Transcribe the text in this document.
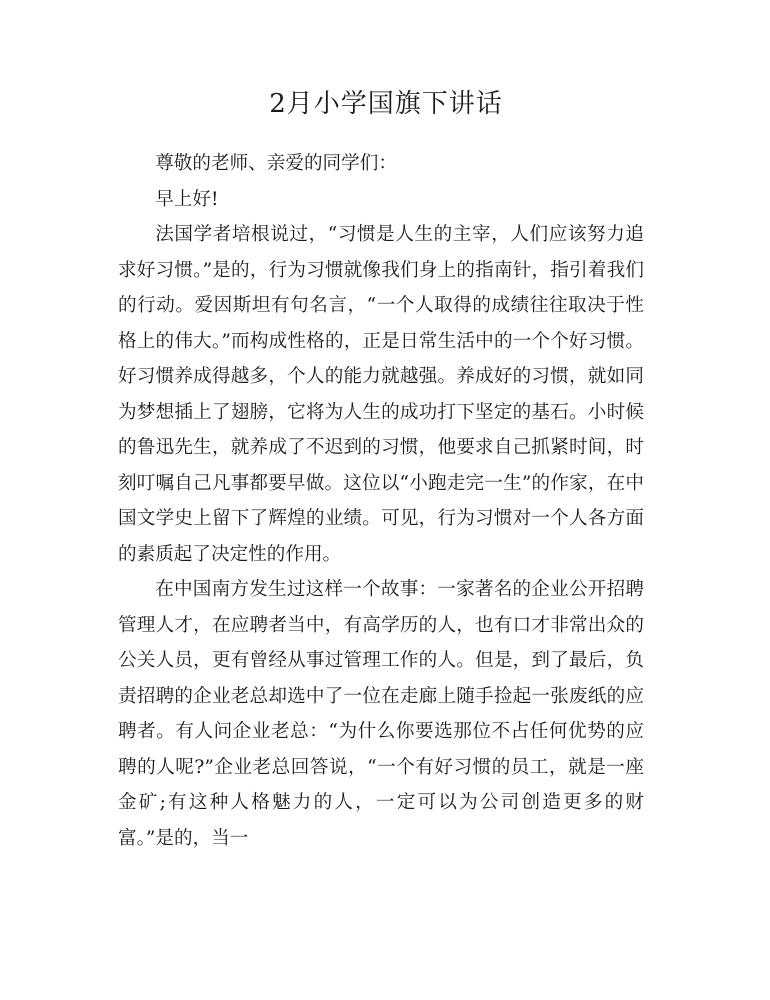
2月小学国旗下讲话

尊敬的老师、亲爱的同学们：

早上好!

法国学者培根说过，“习惯是人生的主宰，人们应该努力追求好习惯。”是的，行为习惯就像我们身上的指南针，指引着我们的行动。爱因斯坦有句名言，“一个人取得的成绩往往取决于性格上的伟大。”而构成性格的，正是日常生活中的一个个好习惯。好习惯养成得越多，个人的能力就越强。养成好的习惯，就如同为梦想插上了翅膀，它将为人生的成功打下坚定的基石。小时候的鲁迅先生，就养成了不迟到的习惯，他要求自己抓紧时间，时刻叮嘱自己凡事都要早做。这位以“小跑走完一生”的作家，在中国文学史上留下了辉煌的业绩。可见，行为习惯对一个人各方面的素质起了决定性的作用。

在中国南方发生过这样一个故事：一家著名的企业公开招聘管理人才，在应聘者当中，有高学历的人，也有口才非常出众的公关人员，更有曾经从事过管理工作的人。但是，到了最后，负责招聘的企业老总却选中了一位在走廊上随手捡起一张废纸的应聘者。有人问企业老总：“为什么你要选那位不占任何优势的应聘的人呢?”企业老总回答说，“一个有好习惯的员工，就是一座金矿;有这种人格魅力的人，一定可以为公司创造更多的财富。”是的，当一
